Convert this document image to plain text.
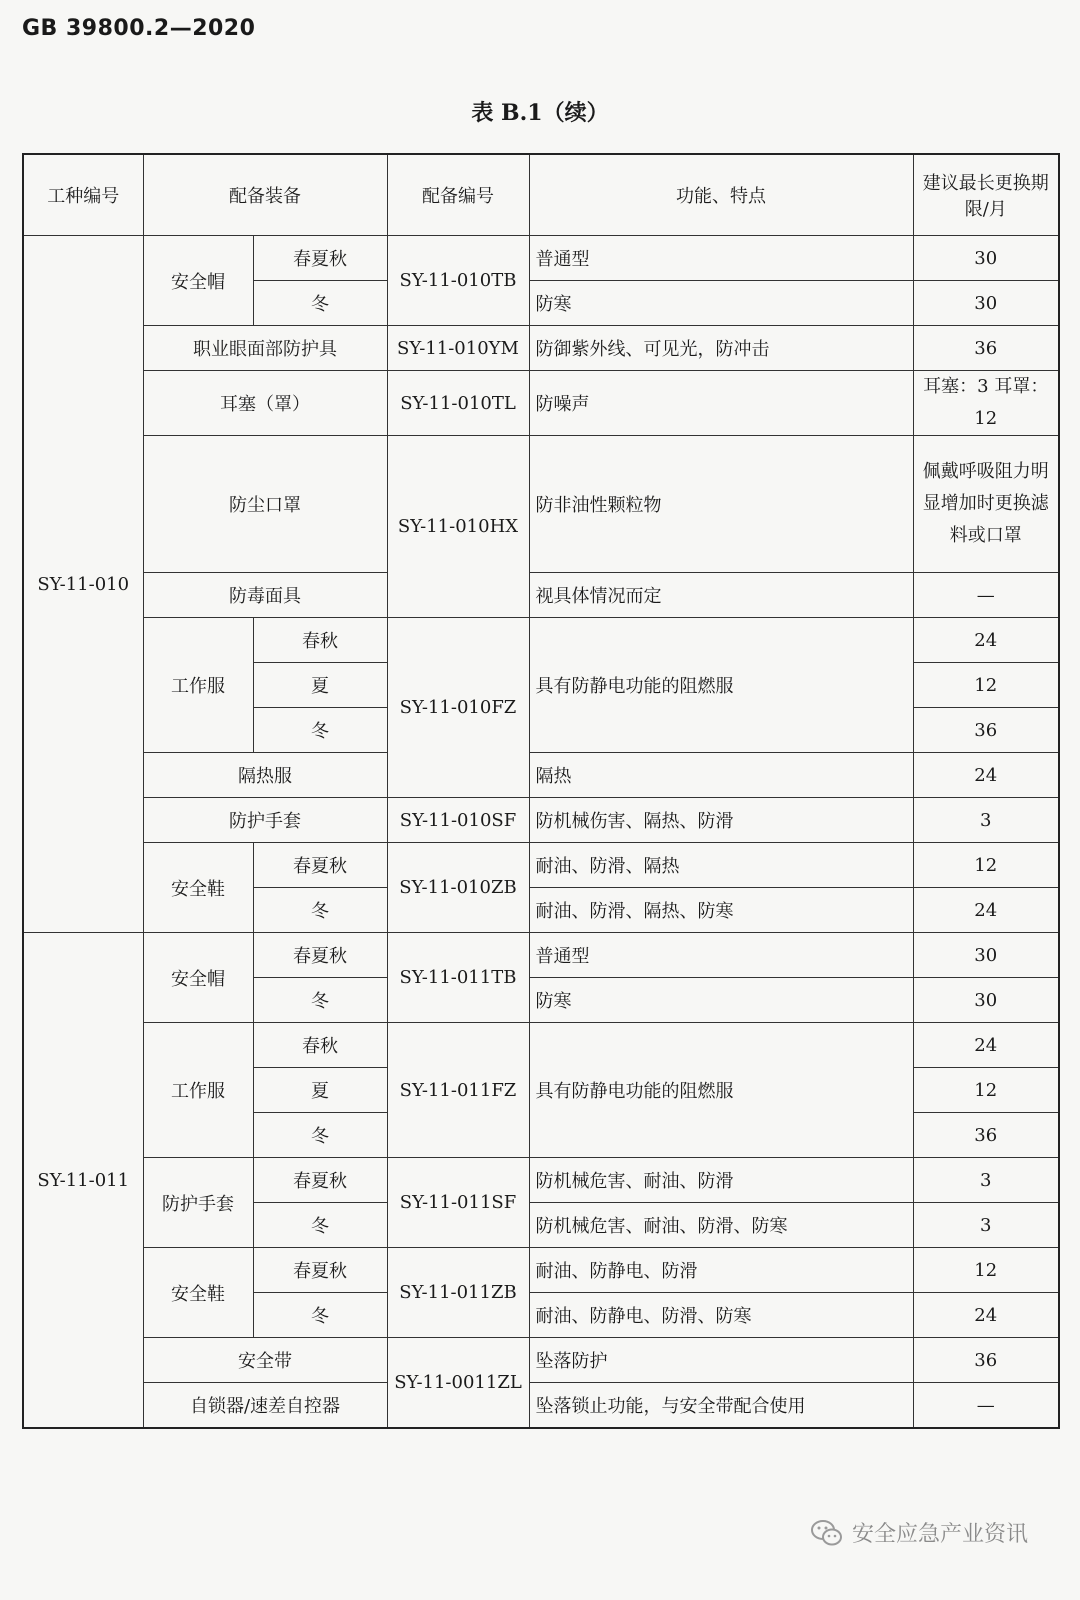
GB 39800.2—2020
表 B.1（续）
工种编号	配备装备		配备编号	功能、特点	建议最长更换期限/月
SY-11-010	安全帽	春夏秋	SY-11-010TB	普通型	30
		冬		防寒	30
	职业眼面部防护具		SY-11-010YM	防御紫外线、可见光，防冲击	36
	耳塞（罩）		SY-11-010TL	防噪声	耳塞：3 耳罩：12
	防尘口罩		SY-11-010HX	防非油性颗粒物	佩戴呼吸阻力明显增加时更换滤料或口罩
	防毒面具			视具体情况而定	—
	工作服	春秋	SY-11-010FZ	具有防静电功能的阻燃服	24
		夏			12
		冬			36
	隔热服			隔热	24
	防护手套		SY-11-010SF	防机械伤害、隔热、防滑	3
	安全鞋	春夏秋	SY-11-010ZB	耐油、防滑、隔热	12
		冬		耐油、防滑、隔热、防寒	24
SY-11-011	安全帽	春夏秋	SY-11-011TB	普通型	30
		冬		防寒	30
	工作服	春秋	SY-11-011FZ	具有防静电功能的阻燃服	24
		夏			12
		冬			36
	防护手套	春夏秋	SY-11-011SF	防机械危害、耐油、防滑	3
		冬		防机械危害、耐油、防滑、防寒	3
	安全鞋	春夏秋	SY-11-011ZB	耐油、防静电、防滑	12
		冬		耐油、防静电、防滑、防寒	24
	安全带		SY-11-0011ZL	坠落防护	36
	自锁器/速差自控器			坠落锁止功能，与安全带配合使用	—
安全应急产业资讯
